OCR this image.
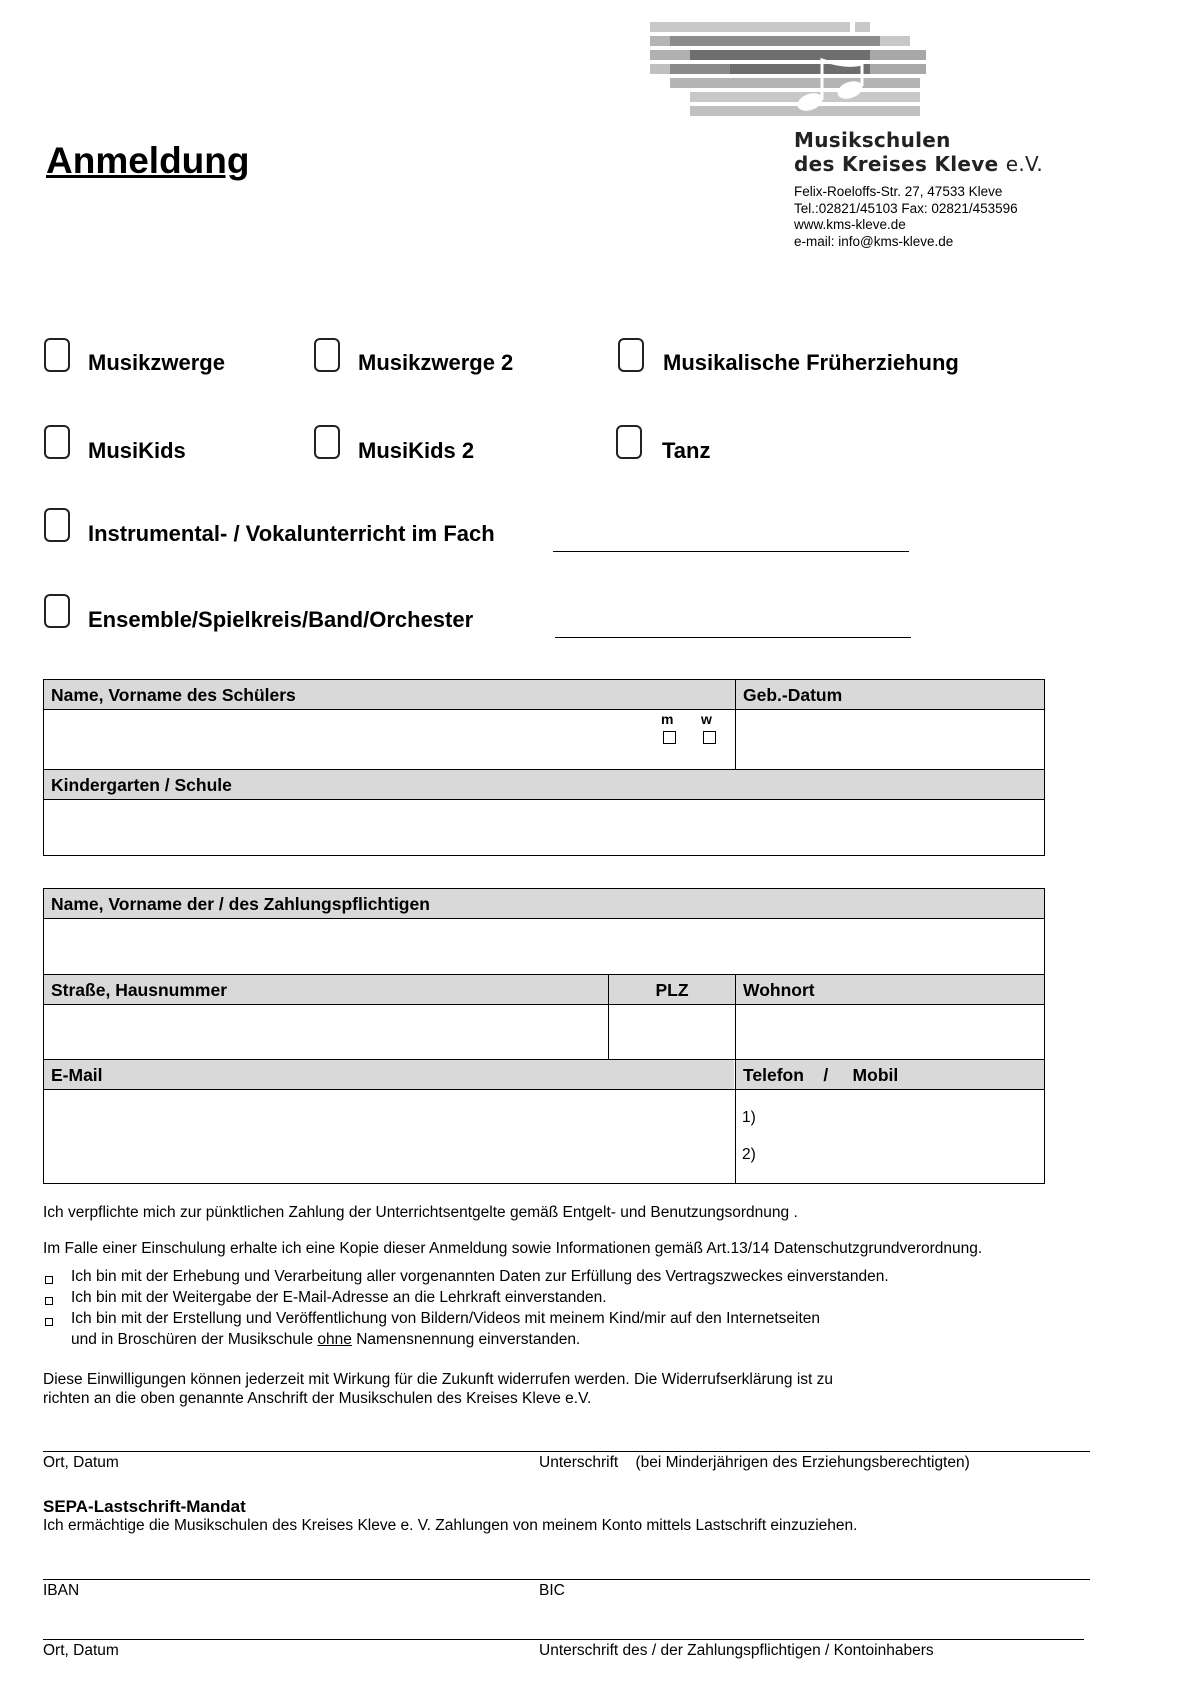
Anmeldung	Musikschulen
des Kreises Kleve e.V.
Felix-Roeloffs-Str. 27, 47533 Kleve
Tel.:02821/45103 Fax: 02821/453596
www.kms-kleve.de
e-mail: info@kms-kleve.de
Musikzwerge	Musikzwerge 2	Musikalische Früherziehung
MusiKids	MusiKids 2	Tanz
Instrumental- / Vokalunterricht im Fach
Ensemble/Spielkreis/Band/Orchester
Name, Vorname des Schülers	Geb.-Datum
m w
Kindergarten / Schule
Name, Vorname der / des Zahlungspflichtigen
Straße, Hausnummer	PLZ	Wohnort
E-Mail	Telefon    /     Mobil
1)
2)
Ich verpflichte mich zur pünktlichen Zahlung der Unterrichtsentgelte gemäß Entgelt- und Benutzungsordnung .
Im Falle einer Einschulung erhalte ich eine Kopie dieser Anmeldung sowie Informationen gemäß Art.13/14 Datenschutzgrundverordnung.
Ich bin mit der Erhebung und Verarbeitung aller vorgenannten Daten zur Erfüllung des Vertragszweckes einverstanden.
Ich bin mit der Weitergabe der E-Mail-Adresse an die Lehrkraft einverstanden.
Ich bin mit der Erstellung und Veröffentlichung von Bildern/Videos mit meinem Kind/mir auf den Internetseiten
und in Broschüren der Musikschule ohne Namensnennung einverstanden.
Diese Einwilligungen können jederzeit mit Wirkung für die Zukunft widerrufen werden. Die Widerrufserklärung ist zu
richten an die oben genannte Anschrift der Musikschulen des Kreises Kleve e.V.
Ort, Datum	Unterschrift    (bei Minderjährigen des Erziehungsberechtigten)
SEPA-Lastschrift-Mandat
Ich ermächtige die Musikschulen des Kreises Kleve e. V. Zahlungen von meinem Konto mittels Lastschrift einzuziehen.
IBAN	BIC
Ort, Datum	Unterschrift des / der Zahlungspflichtigen / Kontoinhabers
